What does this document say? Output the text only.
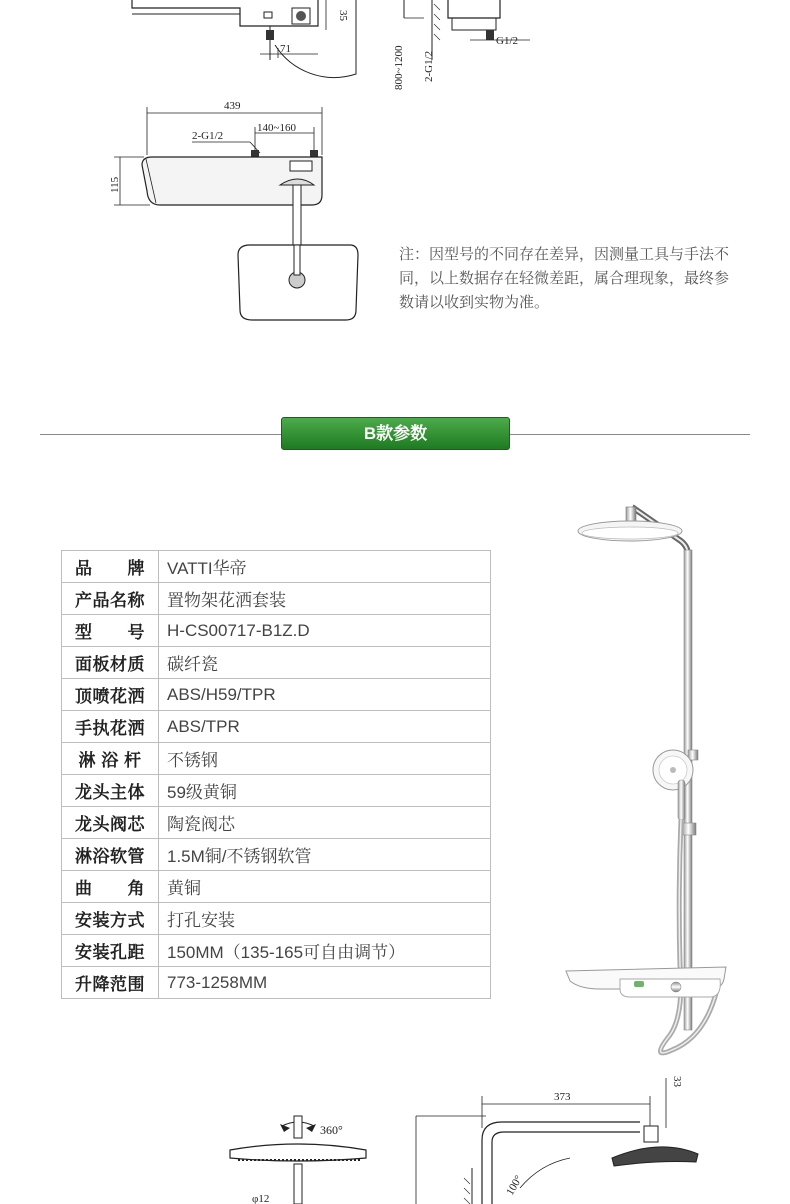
71
35
G1/2
800~1200 2-G1/2
439
2-G1/2
140~160
115
注：因型号的不同存在差异，因测量工具与手法不同，以上数据存在轻微差距，属合理现象，最终参数请以收到实物为准。
B款参数
品　　牌	VATTI华帝
产品名称	置物架花洒套装
型　　号	H-CS00717-B1Z.D
面板材质	碳纤瓷
顶喷花洒	ABS/H59/TPR
手执花洒	ABS/TPR
淋 浴 杆	不锈钢
龙头主体	59级黄铜
龙头阀芯	陶瓷阀芯
淋浴软管	1.5M铜/不锈钢软管
曲　　角	黄铜
安装方式	打孔安装
安装孔距	150MM（135-165可自由调节）
升降范围	773-1258MM
360°
φ12
373
33
100°
